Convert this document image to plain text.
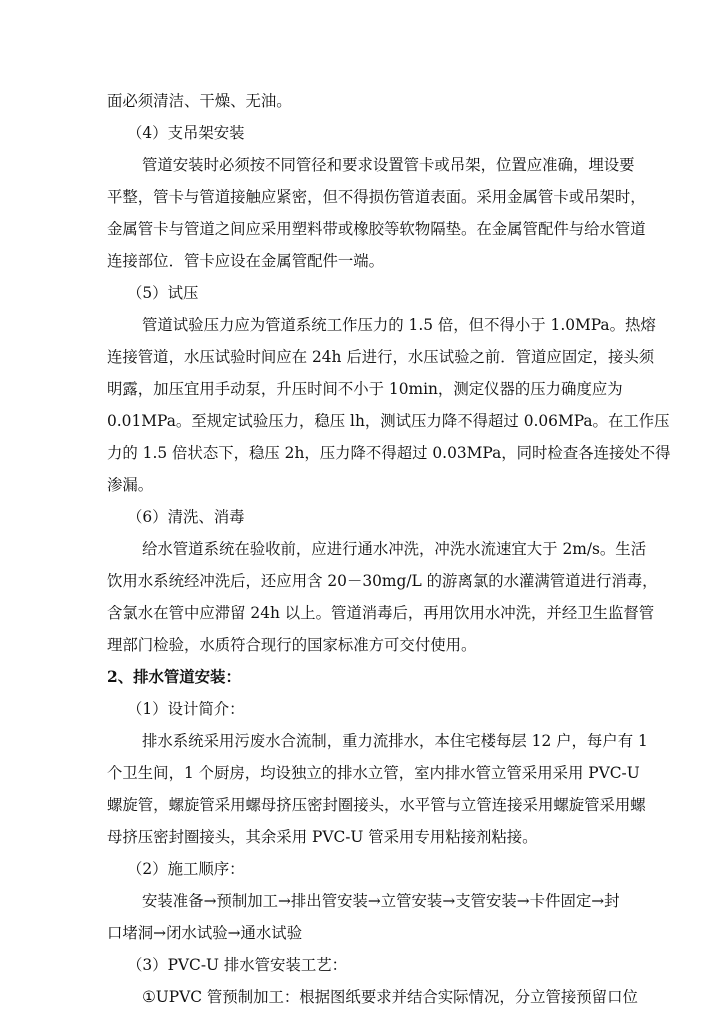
面必须清洁、干燥、无油。
（4）支吊架安装
管道安装时必须按不同管径和要求设置管卡或吊架，位置应准确，埋设要
平整，管卡与管道接触应紧密，但不得损伤管道表面。采用金属管卡或吊架时，
金属管卡与管道之间应采用塑料带或橡胶等软物隔垫。在金属管配件与给水管道
连接部位．管卡应设在金属管配件一端。
（5）试压
管道试验压力应为管道系统工作压力的 1.5 倍，但不得小于 1.0MPa。热熔
连接管道，水压试验时间应在 24h 后进行，水压试验之前．管道应固定，接头须
明露，加压宜用手动泵，升压时间不小于 10min，测定仪器的压力确度应为
0.01MPa。至规定试验压力，稳压 lh，测试压力降不得超过 0.06MPa。在工作压
力的 1.5 倍状态下，稳压 2h，压力降不得超过 0.03MPa，同时检查各连接处不得
渗漏。
（6）清洗、消毒
给水管道系统在验收前，应进行通水冲洗，冲洗水流速宜大于 2m/s。生活
饮用水系统经冲洗后，还应用含 20－30mg/L 的游离氯的水灌满管道进行消毒，
含氯水在管中应滞留 24h 以上。管道消毒后，再用饮用水冲洗，并经卫生监督管
理部门检验，水质符合现行的国家标准方可交付使用。
2、排水管道安装：
（1）设计简介：
排水系统采用污废水合流制，重力流排水，本住宅楼每层 12 户，每户有 1
个卫生间，1 个厨房，均设独立的排水立管，室内排水管立管采用采用 PVC-U
螺旋管，螺旋管采用螺母挤压密封圈接头，水平管与立管连接采用螺旋管采用螺
母挤压密封圈接头，其余采用 PVC-U 管采用专用粘接剂粘接。
（2）施工顺序：
安装准备→预制加工→排出管安装→立管安装→支管安装→卡件固定→封
口堵洞→闭水试验→通水试验
（3）PVC-U 排水管安装工艺：
①UPVC 管预制加工：根据图纸要求并结合实际情况，分立管接预留口位
